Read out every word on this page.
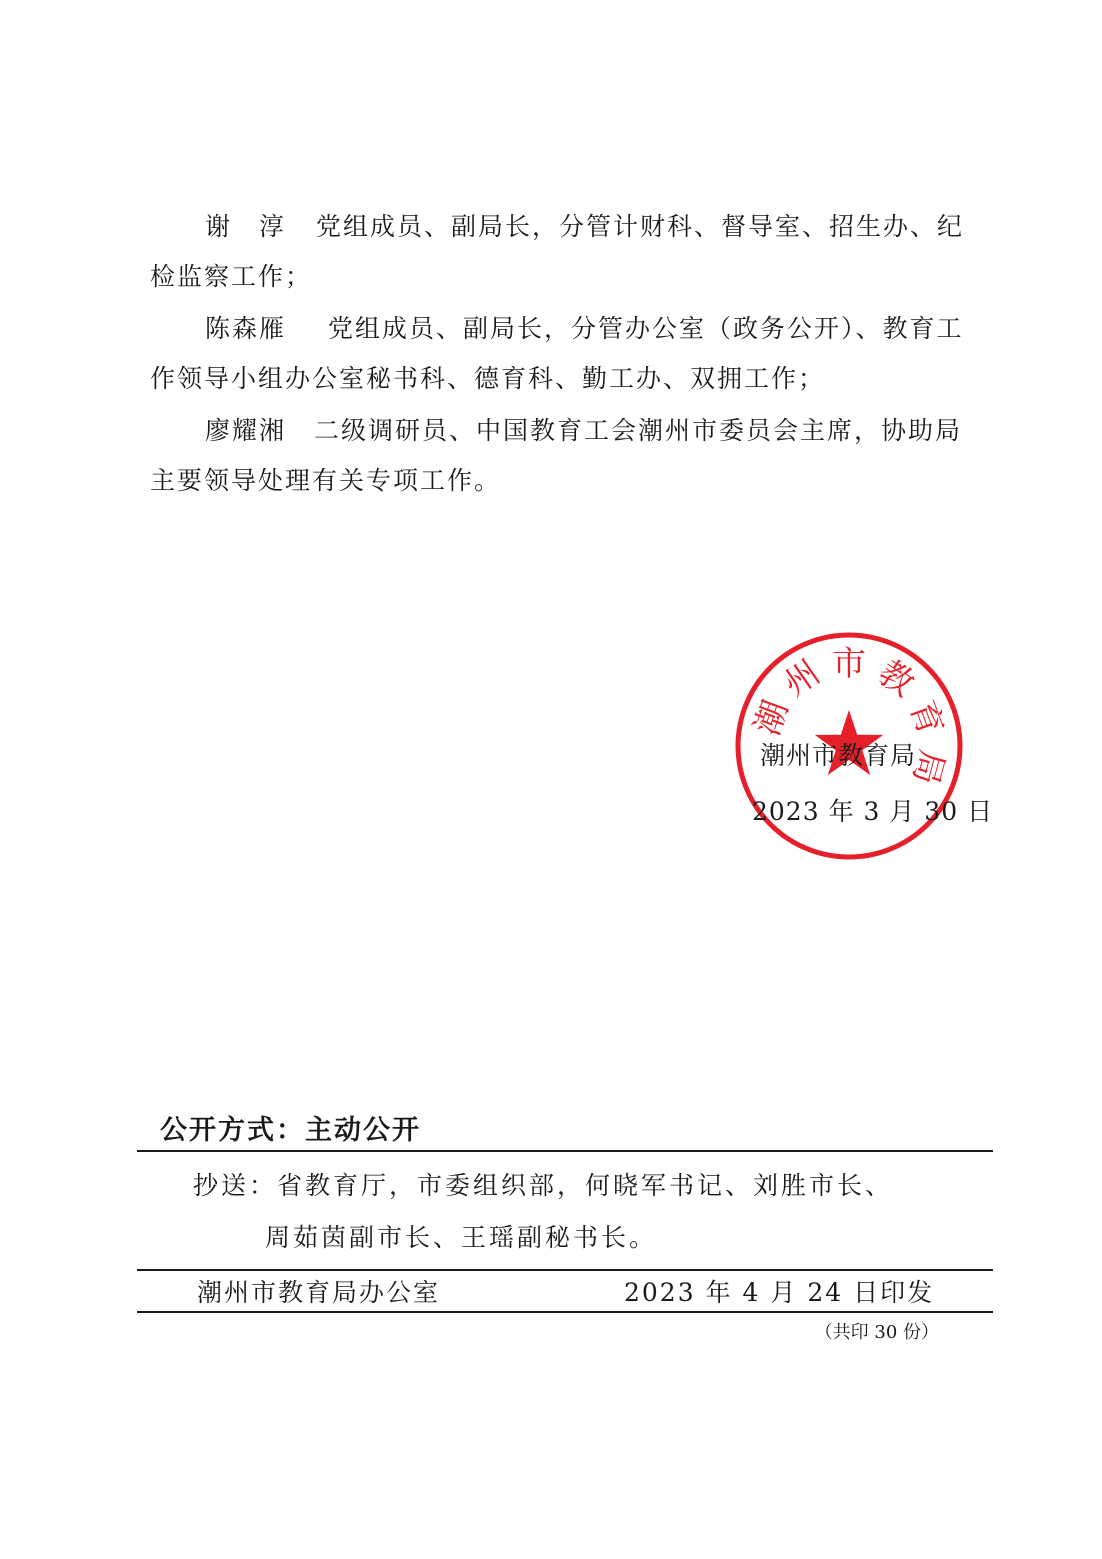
谢　淳 党组成员、副局长，分管计财科、督导室、招生办、纪
检监察工作；
陈森雁 党组成员、副局长，分管办公室（政务公开）、教育工
作领导小组办公室秘书科、德育科、勤工办、双拥工作；
廖耀湘 二级调研员、中国教育工会潮州市委员会主席，协助局
主要领导处理有关专项工作。
潮
州 市 教
育
局
潮州市教育局
2023 年 3 月 30 日
公开方式：主动公开
抄送：省教育厅，市委组织部，何晓军书记、刘胜市长、
周茹茵副市长、王瑶副秘书长。
潮州市教育局办公室	2023 年 4 月 24 日印发
（共印 30 份）
